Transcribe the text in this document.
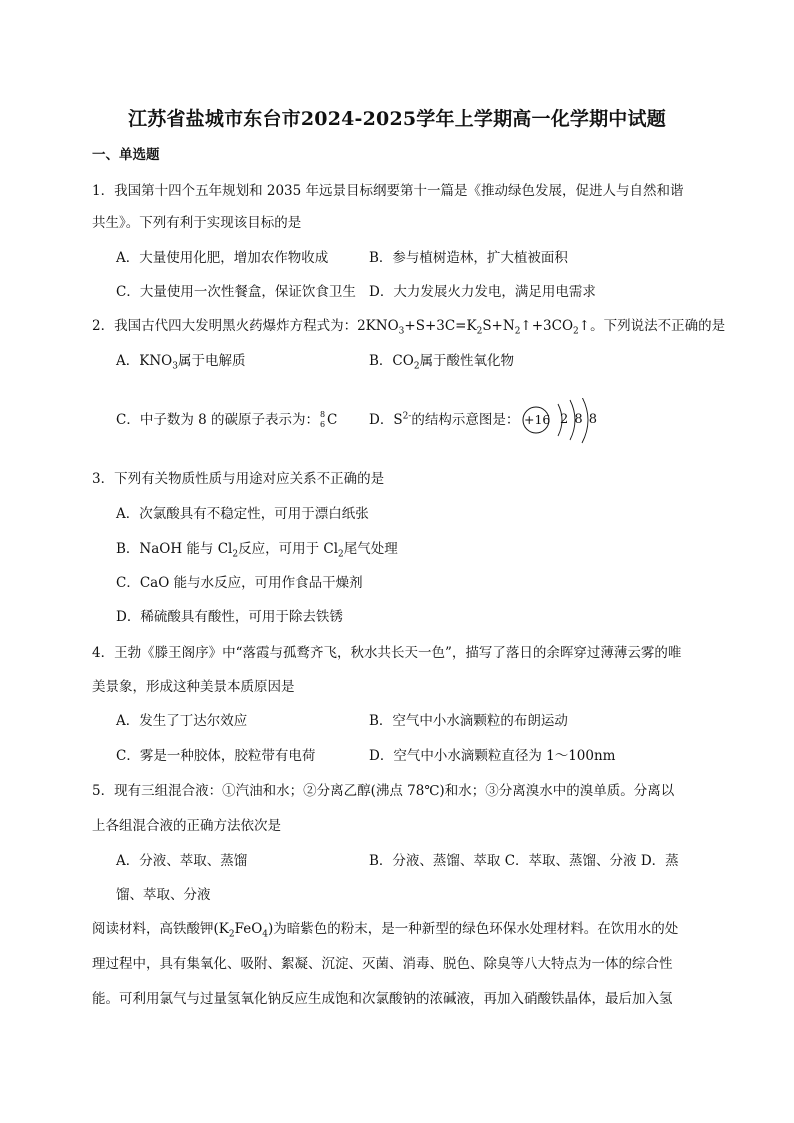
江苏省盐城市东台市2024-2025学年上学期高一化学期中试题
一、单选题
1．我国第十四个五年规划和 2035 年远景目标纲要第十一篇是《推动绿色发展，促进人与自然和谐
共生》。下列有利于实现该目标的是
A．大量使用化肥，增加农作物收成	B．参与植树造林，扩大植被面积
C．大量使用一次性餐盒，保证饮食卫生 D．大力发展火力发电，满足用电需求
2．我国古代四大发明黑火药爆炸方程式为：$2KNO_3+S+3C=K_2S+N_2↑+3CO_2↑$。下列说法不正确的是
A．$KNO_3$属于电解质	B．$CO_2$属于酸性氧化物
C．中子数为 8 的碳原子表示为： 8
6 C D．$S^{2-}$的结构示意图是： +16 2 8 8
3．下列有关物质性质与用途对应关系不正确的是
A．次氯酸具有不稳定性，可用于漂白纸张
B．NaOH 能与 $Cl_2$反应，可用于 $Cl_2$尾气处理
C．CaO 能与水反应，可用作食品干燥剂
D．稀硫酸具有酸性，可用于除去铁锈
4．王勃《滕王阁序》中“落霞与孤鹜齐飞，秋水共长天一色”，描写了落日的余晖穿过薄薄云雾的唯
美景象，形成这种美景本质原因是
A．发生了丁达尔效应	B．空气中小水滴颗粒的布朗运动
C．雾是一种胶体，胶粒带有电荷	D．空气中小水滴颗粒直径为 1～100nm
5．现有三组混合液：①汽油和水；②分离乙醇(沸点 78℃)和水；③分离溴水中的溴单质。分离以
上各组混合液的正确方法依次是
A．分液、萃取、蒸馏	B．分液、蒸馏、萃取 C．萃取、蒸馏、分液 D．蒸
馏、萃取、分液
阅读材料，高铁酸钾$(K_2FeO_4)$为暗紫色的粉末，是一种新型的绿色环保水处理材料。在饮用水的处
理过程中，具有集氧化、吸附、絮凝、沉淀、灭菌、消毒、脱色、除臭等八大特点为一体的综合性
能。可利用氯气与过量氢氧化钠反应生成饱和次氯酸钠的浓碱液，再加入硝酸铁晶体，最后加入氢
